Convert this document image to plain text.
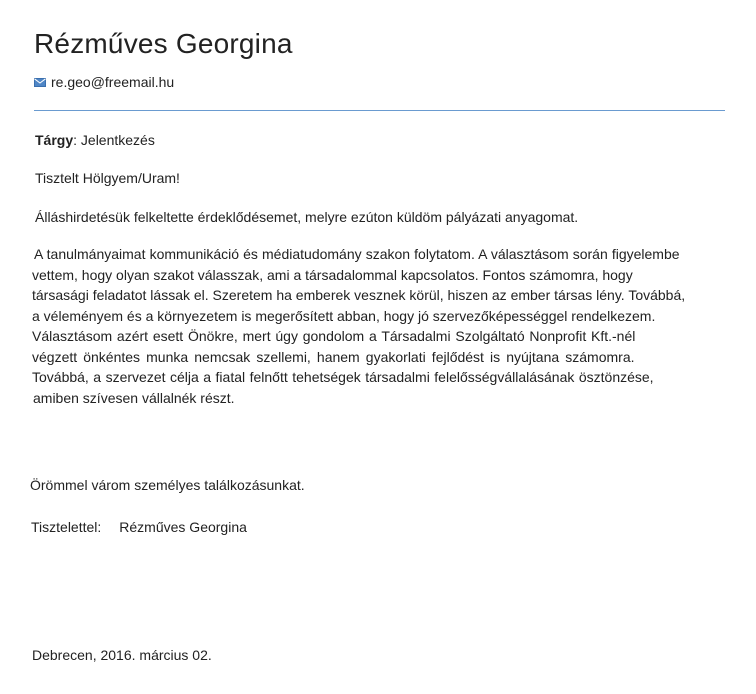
Rézműves Georgina
re.geo@freemail.hu
Tárgy: Jelentkezés
Tisztelt Hölgyem/Uram!
Álláshirdetésük felkeltette érdeklődésemet, melyre ezúton küldöm pályázati anyagomat.
A tanulmányaimat kommunikáció és médiatudomány szakon folytatom. A választásom során figyelembe
vettem, hogy olyan szakot válasszak, ami a társadalommal kapcsolatos. Fontos számomra, hogy
társasági feladatot lássak el. Szeretem ha emberek vesznek körül, hiszen az ember társas lény. Továbbá,
a véleményem és a környezetem is megerősített abban, hogy jó szervezőképességgel rendelkezem.
Választásom azért esett Önökre, mert úgy gondolom a Társadalmi Szolgáltató Nonprofit Kft.-nél
végzett önkéntes munka nemcsak szellemi, hanem gyakorlati fejlődést is nyújtana számomra.
Továbbá, a szervezet célja a fiatal felnőtt tehetségek társadalmi felelősségvállalásának ösztönzése,
amiben szívesen vállalnék részt.
Örömmel várom személyes találkozásunkat.
Tisztelettel: Rézműves Georgina
Debrecen, 2016. március 02.
